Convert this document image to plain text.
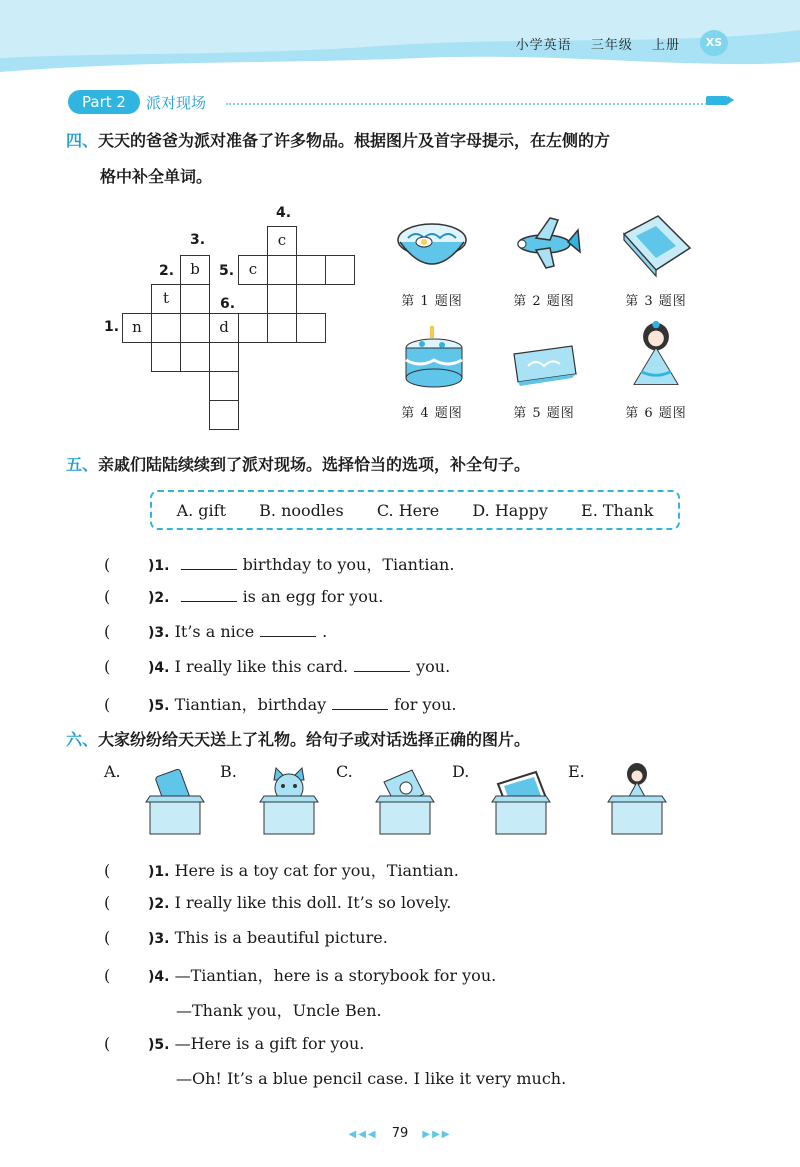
小学英语 三年级 上册	XS
Part 2	派对现场
四、天天的爸爸为派对准备了许多物品。根据图片及首字母提示，在左侧的方
格中补全单词。
4.
3.
2.	5.
6.
1.
c
b	c
t
n	d
第 1 题图	第 2 题图	第 3 题图
第 4 题图	第 5 题图	第 6 题图
五、亲戚们陆陆续续到了派对现场。选择恰当的选项，补全句子。
A. gift B. noodles C. Here D. Happy E. Thank
(	)1.	birthday to you，Tiantian.
(	)2.	is an egg for you.
(	)3. It’s a nice	.
(	)4. I really like this card.	you.
(	)5. Tiantian，birthday	for you.
六、大家纷纷给天天送上了礼物。给句子或对话选择正确的图片。
A.	B.	C.	D.	E.
(	)1. Here is a toy cat for you，Tiantian.
(	)2. I really like this doll. It’s so lovely.
(	)3. This is a beautiful picture.
(	)4. —Tiantian，here is a storybook for you.
—Thank you，Uncle Ben.
(	)5. —Here is a gift for you.
—Oh! It’s a blue pencil case. I like it very much.
◀◀◀ 79 ▶▶▶
